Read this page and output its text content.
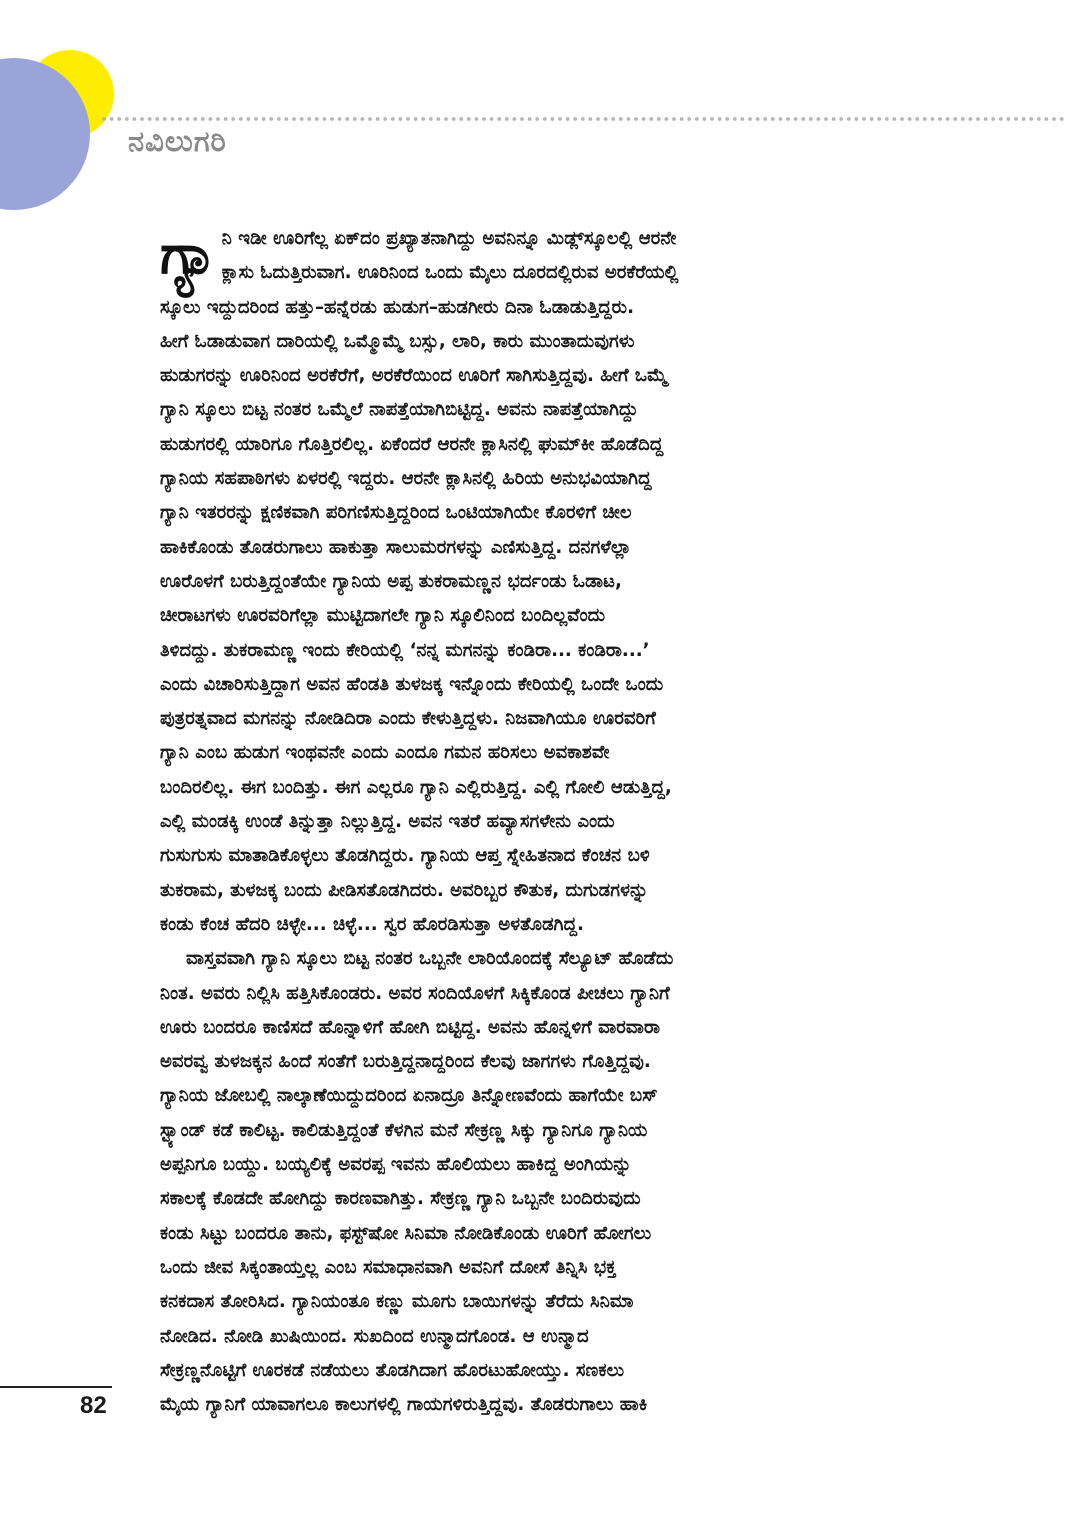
ನವಿಲುಗರಿ

ಗ್ಯಾ ನಿ ಇಡೀ ಊರಿಗೆಲ್ಲ ಏಕ್‌ದಂ ಪ್ರಖ್ಯಾತನಾಗಿದ್ದು ಅವನಿನ್ನೂ ಮಿಡ್ಲ್‌ಸ್ಕೂಲಲ್ಲಿ ಆರನೇ
ಕ್ಲಾಸು ಓದುತ್ತಿರುವಾಗ. ಊರಿನಿಂದ ಒಂದು ಮೈಲು ದೂರದಲ್ಲಿರುವ ಅರಕೆರೆಯಲ್ಲಿ
ಸ್ಕೂಲು ಇದ್ದುದರಿಂದ ಹತ್ತು–ಹನ್ನೆರಡು ಹುಡುಗ–ಹುಡಗೀರು ದಿನಾ ಓಡಾಡುತ್ತಿದ್ದರು.
ಹೀಗೆ ಓಡಾಡುವಾಗ ದಾರಿಯಲ್ಲಿ ಒಮ್ಮೊಮ್ಮೆ ಬಸ್ಸು, ಲಾರಿ, ಕಾರು ಮುಂತಾದುವುಗಳು
ಹುಡುಗರನ್ನು ಊರಿನಿಂದ ಅರಕೆರೆಗೆ, ಅರಕೆರೆಯಿಂದ ಊರಿಗೆ ಸಾಗಿಸುತ್ತಿದ್ದವು. ಹೀಗೆ ಒಮ್ಮೆ
ಗ್ಯಾನಿ ಸ್ಕೂಲು ಬಿಟ್ಟ ನಂತರ ಒಮ್ಮೆಲೆ ನಾಪತ್ತೆಯಾಗಿಬಿಟ್ಟಿದ್ದ. ಅವನು ನಾಪತ್ತೆಯಾಗಿದ್ದು
ಹುಡುಗರಲ್ಲಿ ಯಾರಿಗೂ ಗೊತ್ತಿರಲಿಲ್ಲ. ಏಕೆಂದರೆ ಆರನೇ ಕ್ಲಾಸಿನಲ್ಲಿ ಘುಮ್‌ಕೀ ಹೊಡೆದಿದ್ದ
ಗ್ಯಾನಿಯ ಸಹಪಾಠಿಗಳು ಏಳರಲ್ಲಿ ಇದ್ದರು. ಆರನೇ ಕ್ಲಾಸಿನಲ್ಲಿ ಹಿರಿಯ ಅನುಭವಿಯಾಗಿದ್ದ
ಗ್ಯಾನಿ ಇತರರನ್ನು ಕ್ಷಣಿಕವಾಗಿ ಪರಿಗಣಿಸುತ್ತಿದ್ದರಿಂದ ಒಂಟಿಯಾಗಿಯೇ ಕೊರಳಿಗೆ ಚೀಲ
ಹಾಕಿಕೊಂಡು ತೊಡರುಗಾಲು ಹಾಕುತ್ತಾ ಸಾಲುಮರಗಳನ್ನು ಎಣಿಸುತ್ತಿದ್ದ. ದನಗಳೆಲ್ಲಾ
ಊರೊಳಗೆ ಬರುತ್ತಿದ್ದಂತೆಯೇ ಗ್ಯಾನಿಯ ಅಪ್ಪ ತುಕರಾಮಣ್ಣನ ಭರ್ದಂಡು ಓಡಾಟ,
ಚೀರಾಟಗಳು ಊರವರಿಗೆಲ್ಲಾ ಮುಟ್ಟಿದಾಗಲೇ ಗ್ಯಾನಿ ಸ್ಕೂಲಿನಿಂದ ಬಂದಿಲ್ಲವೆಂದು
ತಿಳಿದದ್ದು. ತುಕರಾಮಣ್ಣ ಇಂದು ಕೇರಿಯಲ್ಲಿ ‘ನನ್ನ ಮಗನನ್ನು ಕಂಡಿರಾ... ಕಂಡಿರಾ...’
ಎಂದು ವಿಚಾರಿಸುತ್ತಿದ್ದಾಗ ಅವನ ಹೆಂಡತಿ ತುಳಜಕ್ಕ ಇನ್ನೊಂದು ಕೇರಿಯಲ್ಲಿ ಒಂದೇ ಒಂದು
ಪುತ್ರರತ್ನವಾದ ಮಗನನ್ನು ನೋಡಿದಿರಾ ಎಂದು ಕೇಳುತ್ತಿದ್ದಳು. ನಿಜವಾಗಿಯೂ ಊರವರಿಗೆ
ಗ್ಯಾನಿ ಎಂಬ ಹುಡುಗ ಇಂಥವನೇ ಎಂದು ಎಂದೂ ಗಮನ ಹರಿಸಲು ಅವಕಾಶವೇ
ಬಂದಿರಲಿಲ್ಲ. ಈಗ ಬಂದಿತ್ತು. ಈಗ ಎಲ್ಲರೂ ಗ್ಯಾನಿ ಎಲ್ಲಿರುತ್ತಿದ್ದ. ಎಲ್ಲಿ ಗೋಲಿ ಆಡುತ್ತಿದ್ದ,
ಎಲ್ಲಿ ಮಂಡಕ್ಕಿ ಉಂಡೆ ತಿನ್ನುತ್ತಾ ನಿಲ್ಲುತ್ತಿದ್ದ. ಅವನ ಇತರೆ ಹವ್ಯಾಸಗಳೇನು ಎಂದು
ಗುಸುಗುಸು ಮಾತಾಡಿಕೊಳ್ಳಲು ತೊಡಗಿದ್ದರು. ಗ್ಯಾನಿಯ ಆಪ್ತ ಸ್ನೇಹಿತನಾದ ಕೆಂಚನ ಬಳಿ
ತುಕರಾಮ, ತುಳಜಕ್ಕ ಬಂದು ಪೀಡಿಸತೊಡಗಿದರು. ಅವರಿಬ್ಬರ ಕೌತುಕ, ದುಗುಡಗಳನ್ನು
ಕಂಡು ಕೆಂಚ ಹೆದರಿ ಚಿಳ್ಳೇ... ಚಿಳ್ಳೆ... ಸ್ವರ ಹೊರಡಿಸುತ್ತಾ ಅಳತೊಡಗಿದ್ದ.

ವಾಸ್ತವವಾಗಿ ಗ್ಯಾನಿ ಸ್ಕೂಲು ಬಿಟ್ಟ ನಂತರ ಒಬ್ಬನೇ ಲಾರಿಯೊಂದಕ್ಕೆ ಸೆಲ್ಯೂಟ್ ಹೊಡೆದು
ನಿಂತ. ಅವರು ನಿಲ್ಲಿಸಿ ಹತ್ತಿಸಿಕೊಂಡರು. ಅವರ ಸಂದಿಯೊಳಗೆ ಸಿಕ್ಕಿಕೊಂಡ ಪೀಚಲು ಗ್ಯಾನಿಗೆ
ಊರು ಬಂದರೂ ಕಾಣಿಸದೆ ಹೊನ್ನಾಳಿಗೆ ಹೋಗಿ ಬಿಟ್ಟಿದ್ದ. ಅವನು ಹೊನ್ನಳಿಗೆ ವಾರವಾರಾ
ಅವರವ್ವ ತುಳಜಕ್ಕನ ಹಿಂದೆ ಸಂತೆಗೆ ಬರುತ್ತಿದ್ದನಾದ್ದರಿಂದ ಕೆಲವು ಜಾಗಗಳು ಗೊತ್ತಿದ್ದವು.
ಗ್ಯಾನಿಯ ಜೋಬಲ್ಲಿ ನಾಲ್ಕಾಣೆಯಿದ್ದುದರಿಂದ ಏನಾದ್ರೂ ತಿನ್ನೋಣವೆಂದು ಹಾಗೆಯೇ ಬಸ್
ಸ್ಟ್ಯಾಂಡ್ ಕಡೆ ಕಾಲಿಟ್ಟ. ಕಾಲಿಡುತ್ತಿದ್ದಂತೆ ಕೆಳಗಿನ ಮನೆ ಸೇಕ್ರಣ್ಣ ಸಿಕ್ಕು ಗ್ಯಾನಿಗೂ ಗ್ಯಾನಿಯ
ಅಪ್ಪನಿಗೂ ಬಯ್ದು. ಬಯ್ಯಲಿಕ್ಕೆ ಅವರಪ್ಪ ಇವನು ಹೊಲಿಯಲು ಹಾಕಿದ್ದ ಅಂಗಿಯನ್ನು
ಸಕಾಲಕ್ಕೆ ಕೊಡದೇ ಹೋಗಿದ್ದು ಕಾರಣವಾಗಿತ್ತು. ಸೇಕ್ರಣ್ಣ ಗ್ಯಾನಿ ಒಬ್ಬನೇ ಬಂದಿರುವುದು
ಕಂಡು ಸಿಟ್ಟು ಬಂದರೂ ತಾನು, ಫಸ್ಟ್‌ಷೋ ಸಿನಿಮಾ ನೋಡಿಕೊಂಡು ಊರಿಗೆ ಹೋಗಲು
ಒಂದು ಜೀವ ಸಿಕ್ಕಂತಾಯ್ತಲ್ಲ ಎಂಬ ಸಮಾಧಾನವಾಗಿ ಅವನಿಗೆ ದೋಸೆ ತಿನ್ನಿಸಿ ಭಕ್ತ
ಕನಕದಾಸ ತೋರಿಸಿದ. ಗ್ಯಾನಿಯಂತೂ ಕಣ್ಣು ಮೂಗು ಬಾಯಿಗಳನ್ನು ತೆರೆದು ಸಿನಿಮಾ
ನೋಡಿದ. ನೋಡಿ ಖುಷಿಯಿಂದ. ಸುಖದಿಂದ ಉನ್ಮಾದಗೊಂಡ. ಆ ಉನ್ಮಾದ
ಸೇಕ್ರಣ್ಣನೊಟ್ಟಿಗೆ ಊರಕಡೆ ನಡೆಯಲು ತೊಡಗಿದಾಗ ಹೊರಟುಹೋಯ್ತು. ಸಣಕಲು
ಮೈಯ ಗ್ಯಾನಿಗೆ ಯಾವಾಗಲೂ ಕಾಲುಗಳಲ್ಲಿ ಗಾಯಗಳಿರುತ್ತಿದ್ದವು. ತೊಡರುಗಾಲು ಹಾಕಿ

82
